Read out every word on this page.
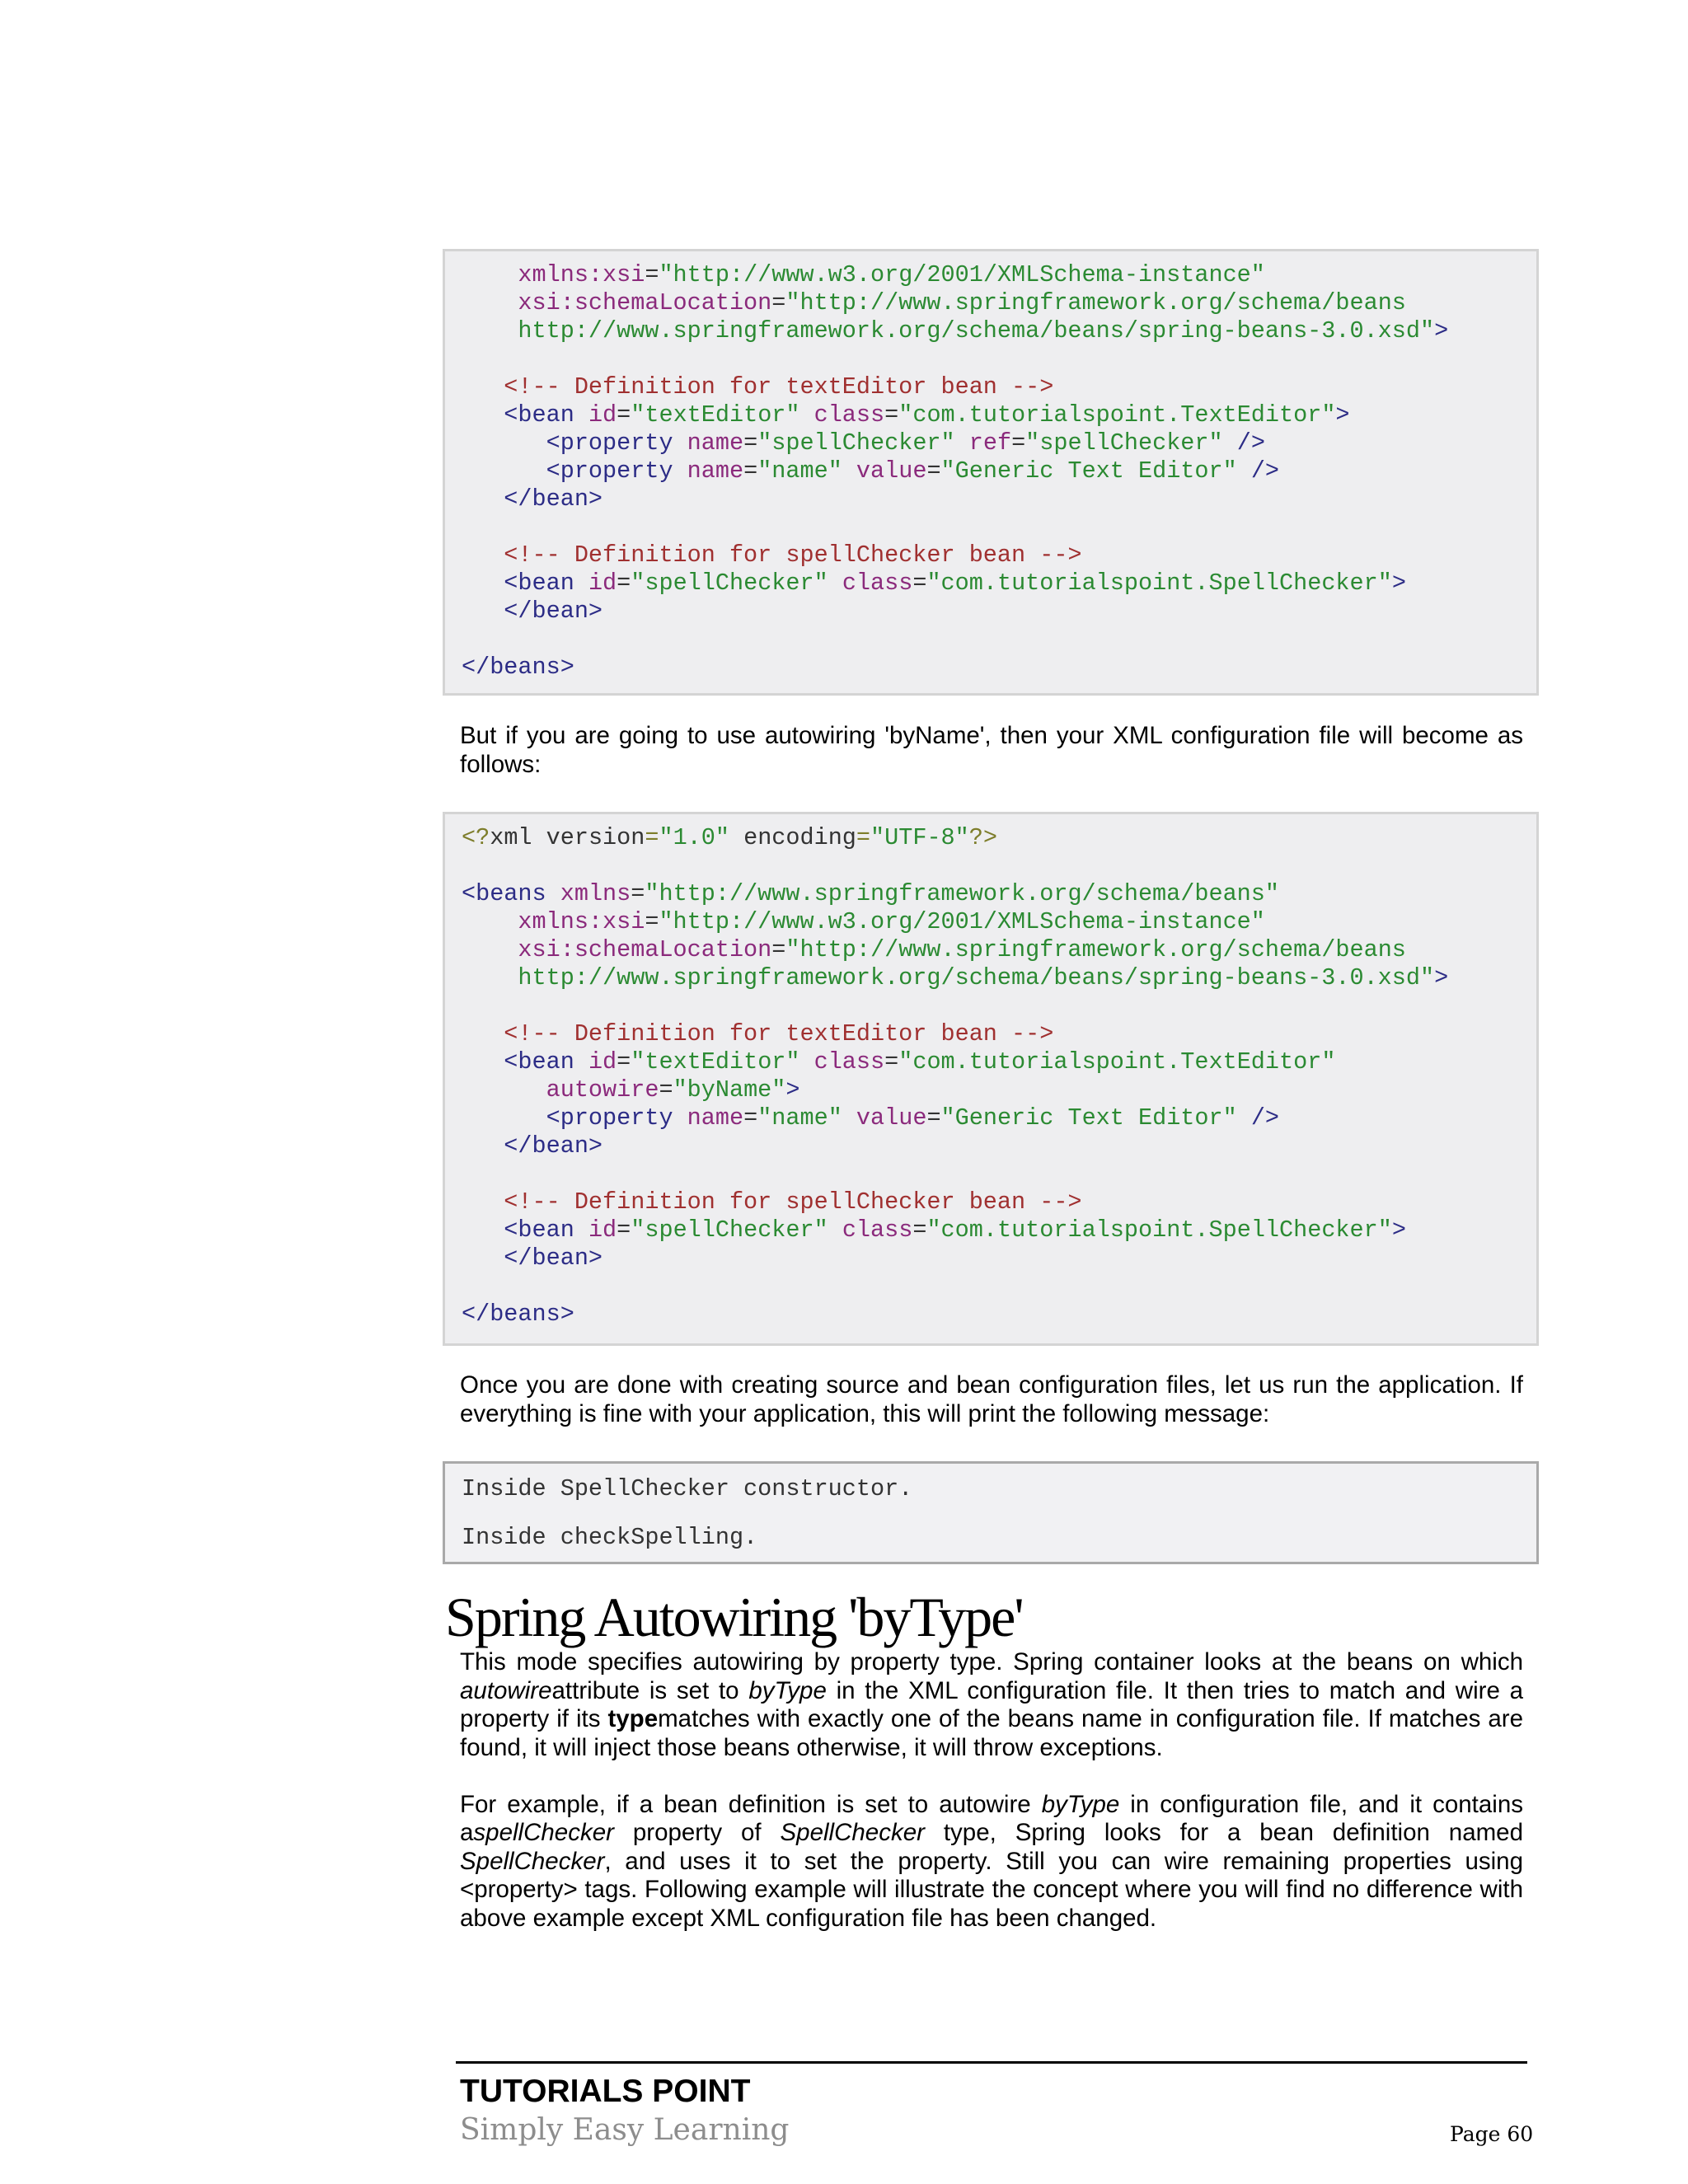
xmlns:xsi="http://www.w3.org/2001/XMLSchema-instance"
xsi:schemaLocation="http://www.springframework.org/schema/beans
http://www.springframework.org/schema/beans/spring-beans-3.0.xsd">

<!-- Definition for textEditor bean -->
<bean id="textEditor" class="com.tutorialspoint.TextEditor">
<property name="spellChecker" ref="spellChecker" />
<property name="name" value="Generic Text Editor" />
</bean>

<!-- Definition for spellChecker bean -->
<bean id="spellChecker" class="com.tutorialspoint.SpellChecker">
</bean>

</beans>

But if you are going to use autowiring 'byName', then your XML configuration file will become as follows:

<?xml version="1.0" encoding="UTF-8"?>

<beans xmlns="http://www.springframework.org/schema/beans"
xmlns:xsi="http://www.w3.org/2001/XMLSchema-instance"
xsi:schemaLocation="http://www.springframework.org/schema/beans
http://www.springframework.org/schema/beans/spring-beans-3.0.xsd">

<!-- Definition for textEditor bean -->
<bean id="textEditor" class="com.tutorialspoint.TextEditor"
autowire="byName">
<property name="name" value="Generic Text Editor" />
</bean>

<!-- Definition for spellChecker bean -->
<bean id="spellChecker" class="com.tutorialspoint.SpellChecker">
</bean>

</beans>

Once you are done with creating source and bean configuration files, let us run the application. If everything is fine with your application, this will print the following message:

Inside SpellChecker constructor.
Inside checkSpelling.
Spring Autowiring 'byType'

This mode specifies autowiring by property type. Spring container looks at the beans on which autowireattribute is set to byType in the XML configuration file. It then tries to match and wire a property if its typematches with exactly one of the beans name in configuration file. If matches are found, it will inject those beans otherwise, it will throw exceptions.

For example, if a bean definition is set to autowire byType in configuration file, and it contains aspellChecker property of SpellChecker type, Spring looks for a bean definition named SpellChecker, and uses it to set the property. Still you can wire remaining properties using <property> tags. Following example will illustrate the concept where you will find no difference with above example except XML configuration file has been changed.

TUTORIALS POINT
Simply Easy Learning	Page 60
